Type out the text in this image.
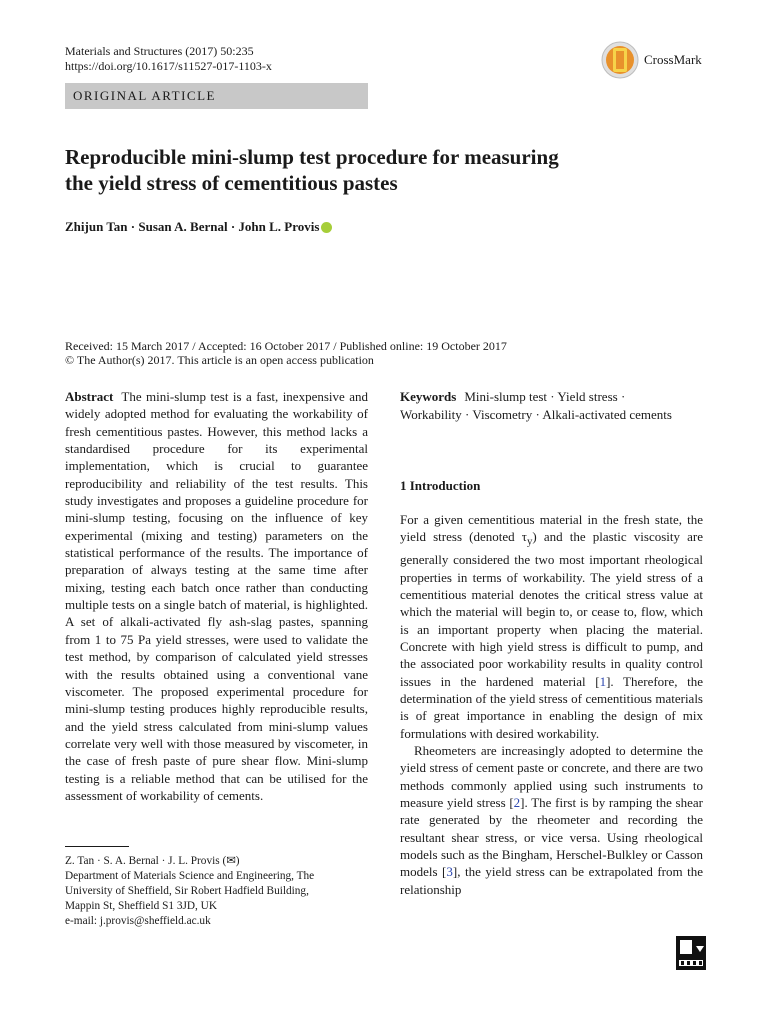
Materials and Structures (2017) 50:235
https://doi.org/10.1617/s11527-017-1103-x	CrossMark
ORIGINAL ARTICLE
Reproducible mini-slump test procedure for measuring
the yield stress of cementitious pastes
Zhijun Tan · Susan A. Bernal · John L. Provis
Received: 15 March 2017 / Accepted: 16 October 2017 / Published online: 19 October 2017
© The Author(s) 2017. This article is an open access publication

Abstract The mini-slump test is a fast, inexpensive and widely adopted method for evaluating the workability of fresh cementitious pastes. However, this method lacks a standardised procedure for its experimental implementation, which is crucial to guarantee reproducibility and reliability of the test results. This study investigates and proposes a guideline procedure for mini-slump testing, focusing on the influence of key experimental (mixing and testing) parameters on the statistical performance of the results. The importance of preparation of always testing at the same time after mixing, testing each batch once rather than conducting multiple tests on a single batch of material, is highlighted. A set of alkali-activated fly ash-slag pastes, spanning from 1 to 75 Pa yield stresses, were used to validate the test method, by comparison of calculated yield stresses with the results obtained using a conventional vane viscometer. The proposed experimental procedure for mini-slump testing produces highly reproducible results, and the yield stress calculated from mini-slump values correlate very well with those measured by viscometer, in the case of fresh paste of pure shear flow. Mini-slump testing is a reliable method that can be utilised for the assessment of workability of cements.

Z. Tan · S. A. Bernal · J. L. Provis (✉)
Department of Materials Science and Engineering, The
University of Sheffield, Sir Robert Hadfield Building,
Mappin St, Sheffield S1 3JD, UK
e-mail: j.provis@sheffield.ac.uk
Keywords Mini-slump test · Yield stress ·
Workability · Viscometry · Alkali-activated cements
1 Introduction

For a given cementitious material in the fresh state, the yield stress (denoted $\tau_y$) and the plastic viscosity are generally considered the two most important rheological properties in terms of workability. The yield stress of a cementitious material denotes the critical stress value at which the material will begin to, or cease to, flow, which is an important property when placing the material. Concrete with high yield stress is difficult to pump, and the associated poor workability results in quality control issues in the hardened material [1]. Therefore, the determination of the yield stress of cementitious materials is of great importance in enabling the design of mix formulations with desired workability.

Rheometers are increasingly adopted to determine the yield stress of cement paste or concrete, and there are two methods commonly applied using such instruments to measure yield stress [2]. The first is by ramping the shear rate generated by the rheometer and recording the resultant shear stress, or vice versa. Using rheological models such as the Bingham, Herschel-Bulkley or Casson models [3], the yield stress can be extrapolated from the relationship
